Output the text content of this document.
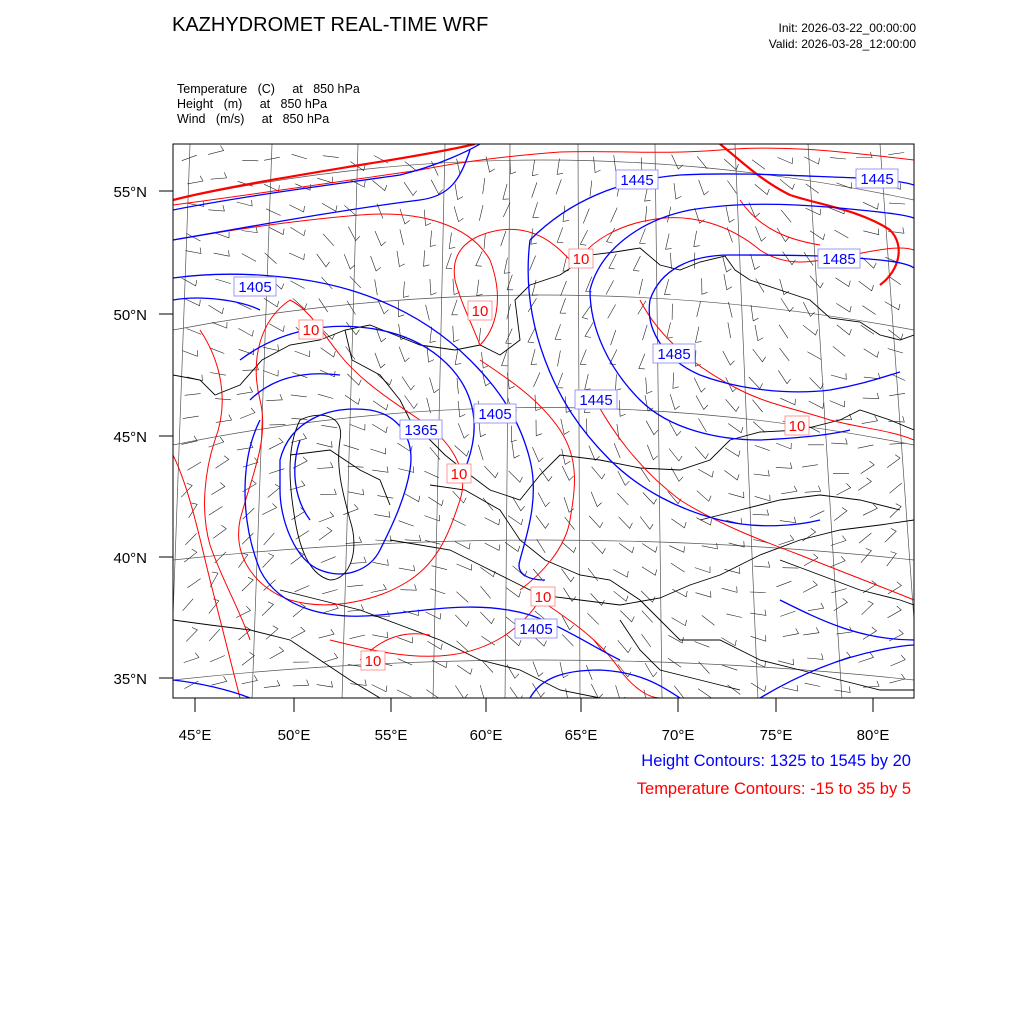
KAZHYDROMET REAL-TIME WRF	Init: 2026-03-22_00:00:00
Valid: 2026-03-28_12:00:00
Temperature (C) at 850 hPa
Height (m) at 850 hPa
Wind (m/s) at 850 hPa
1445	1445
1485
1405
1485
1445
1405
1365
1405
10
10
10
10
10
10
10
45°E	50°E	55°E	60°E	65°E	70°E	75°E	80°E
55°N
50°N
45°N
40°N
35°N
Height Contours: 1325 to 1545 by 20
Temperature Contours: -15 to 35 by 5
